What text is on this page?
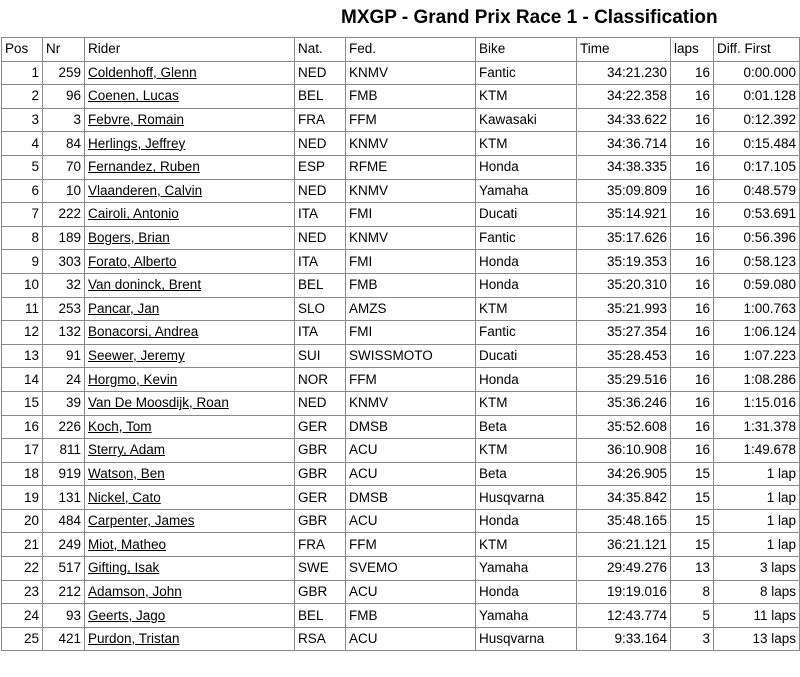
MXGP - Grand Prix Race 1 - Classification
Pos	Nr	Rider	Nat.	Fed.	Bike	Time	laps	Diff. First
1	259	Coldenhoff, Glenn	NED	KNMV	Fantic	34:21.230	16	0:00.000
2	96	Coenen, Lucas	BEL	FMB	KTM	34:22.358	16	0:01.128
3	3	Febvre, Romain	FRA	FFM	Kawasaki	34:33.622	16	0:12.392
4	84	Herlings, Jeffrey	NED	KNMV	KTM	34:36.714	16	0:15.484
5	70	Fernandez, Ruben	ESP	RFME	Honda	34:38.335	16	0:17.105
6	10	Vlaanderen, Calvin	NED	KNMV	Yamaha	35:09.809	16	0:48.579
7	222	Cairoli, Antonio	ITA	FMI	Ducati	35:14.921	16	0:53.691
8	189	Bogers, Brian	NED	KNMV	Fantic	35:17.626	16	0:56.396
9	303	Forato, Alberto	ITA	FMI	Honda	35:19.353	16	0:58.123
10	32	Van doninck, Brent	BEL	FMB	Honda	35:20.310	16	0:59.080
11	253	Pancar, Jan	SLO	AMZS	KTM	35:21.993	16	1:00.763
12	132	Bonacorsi, Andrea	ITA	FMI	Fantic	35:27.354	16	1:06.124
13	91	Seewer, Jeremy	SUI	SWISSMOTO	Ducati	35:28.453	16	1:07.223
14	24	Horgmo, Kevin	NOR	FFM	Honda	35:29.516	16	1:08.286
15	39	Van De Moosdijk, Roan	NED	KNMV	KTM	35:36.246	16	1:15.016
16	226	Koch, Tom	GER	DMSB	Beta	35:52.608	16	1:31.378
17	811	Sterry, Adam	GBR	ACU	KTM	36:10.908	16	1:49.678
18	919	Watson, Ben	GBR	ACU	Beta	34:26.905	15	1 lap
19	131	Nickel, Cato	GER	DMSB	Husqvarna	34:35.842	15	1 lap
20	484	Carpenter, James	GBR	ACU	Honda	35:48.165	15	1 lap
21	249	Miot, Matheo	FRA	FFM	KTM	36:21.121	15	1 lap
22	517	Gifting, Isak	SWE	SVEMO	Yamaha	29:49.276	13	3 laps
23	212	Adamson, John	GBR	ACU	Honda	19:19.016	8	8 laps
24	93	Geerts, Jago	BEL	FMB	Yamaha	12:43.774	5	11 laps
25	421	Purdon, Tristan	RSA	ACU	Husqvarna	9:33.164	3	13 laps
